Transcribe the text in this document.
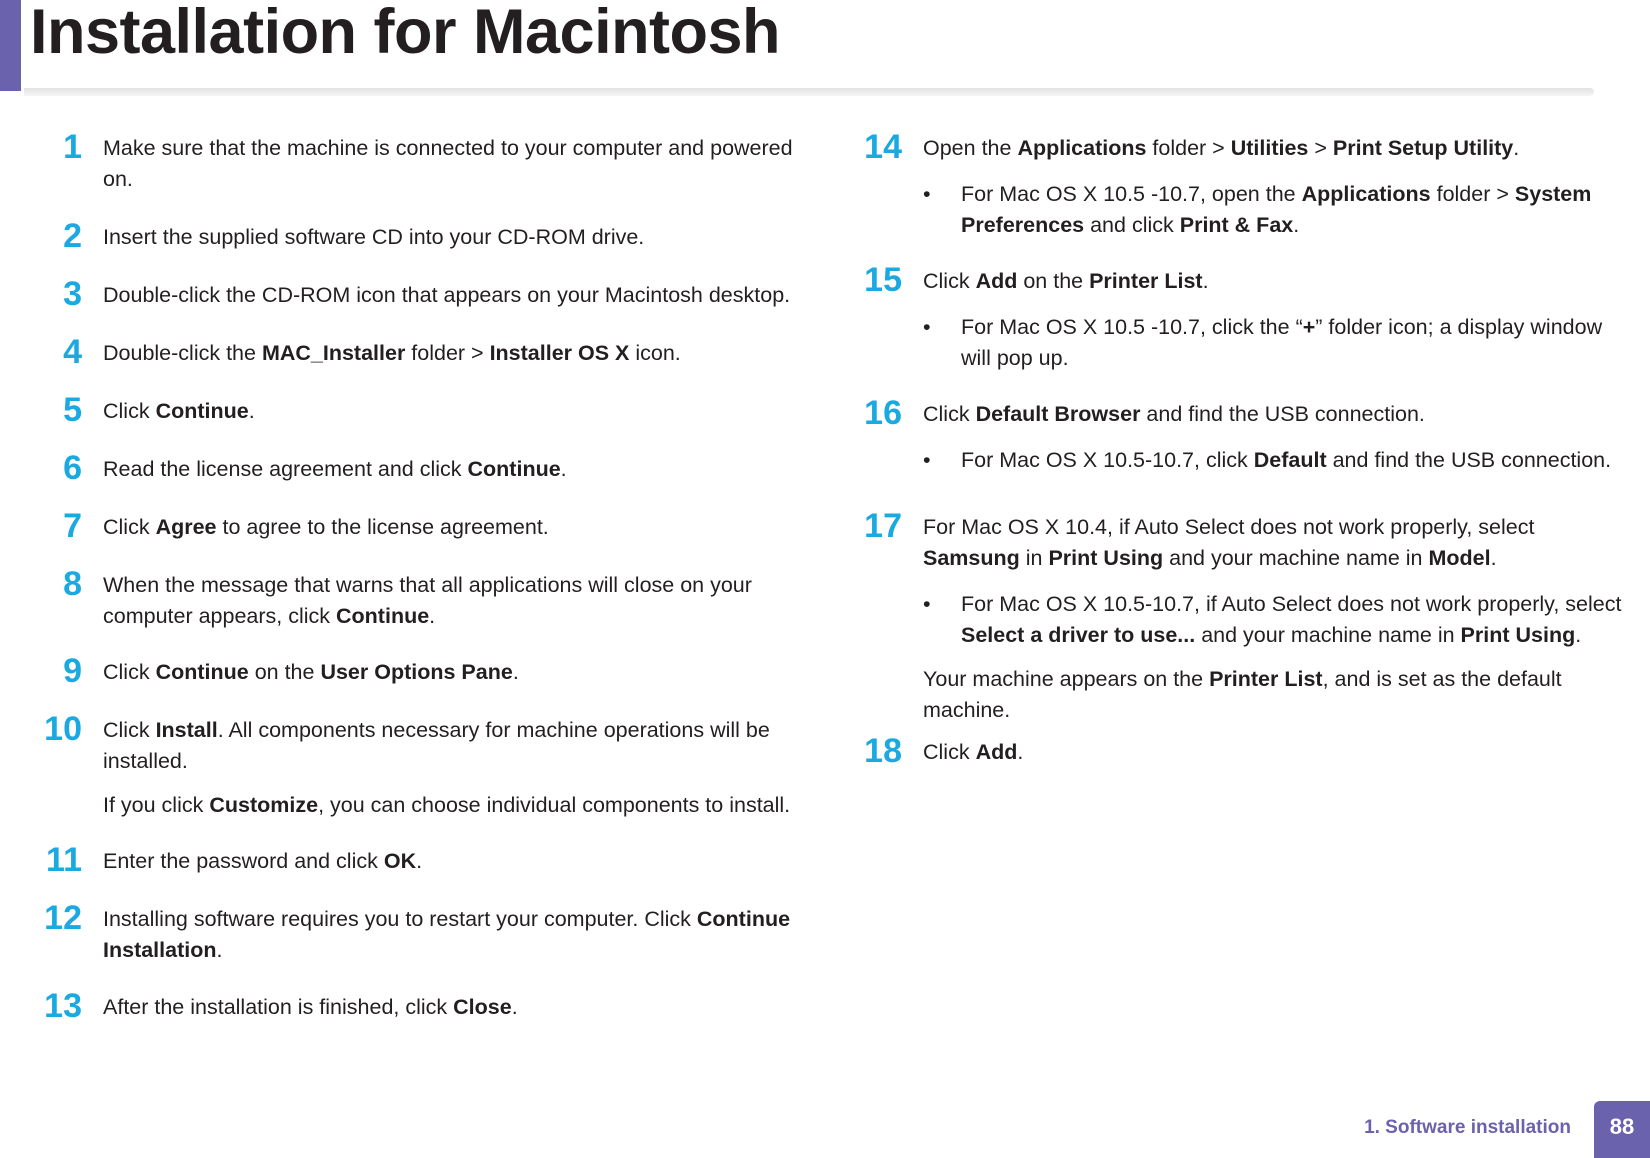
Installation for Macintosh
1 Make sure that the machine is connected to your computer and powered on.
2 Insert the supplied software CD into your CD-ROM drive.
3 Double-click the CD-ROM icon that appears on your Macintosh desktop.
4 Double-click the MAC_Installer folder > Installer OS X icon.
5 Click Continue.
6 Read the license agreement and click Continue.
7 Click Agree to agree to the license agreement.
8 When the message that warns that all applications will close on your computer appears, click Continue.
9 Click Continue on the User Options Pane.
10 Click Install. All components necessary for machine operations will be installed.
If you click Customize, you can choose individual components to install.
11 Enter the password and click OK.
12 Installing software requires you to restart your computer. Click Continue Installation.
13 After the installation is finished, click Close.
14 Open the Applications folder > Utilities > Print Setup Utility.
• For Mac OS X 10.5 -10.7, open the Applications folder > System Preferences and click Print & Fax.
15 Click Add on the Printer List.
• For Mac OS X 10.5 -10.7, click the “+” folder icon; a display window will pop up.
16 Click Default Browser and find the USB connection.
• For Mac OS X 10.5-10.7, click Default and find the USB connection.
17 For Mac OS X 10.4, if Auto Select does not work properly, select Samsung in Print Using and your machine name in Model.
• For Mac OS X 10.5-10.7, if Auto Select does not work properly, select Select a driver to use... and your machine name in Print Using.
Your machine appears on the Printer List, and is set as the default machine.
18 Click Add.
1. Software installation	88
